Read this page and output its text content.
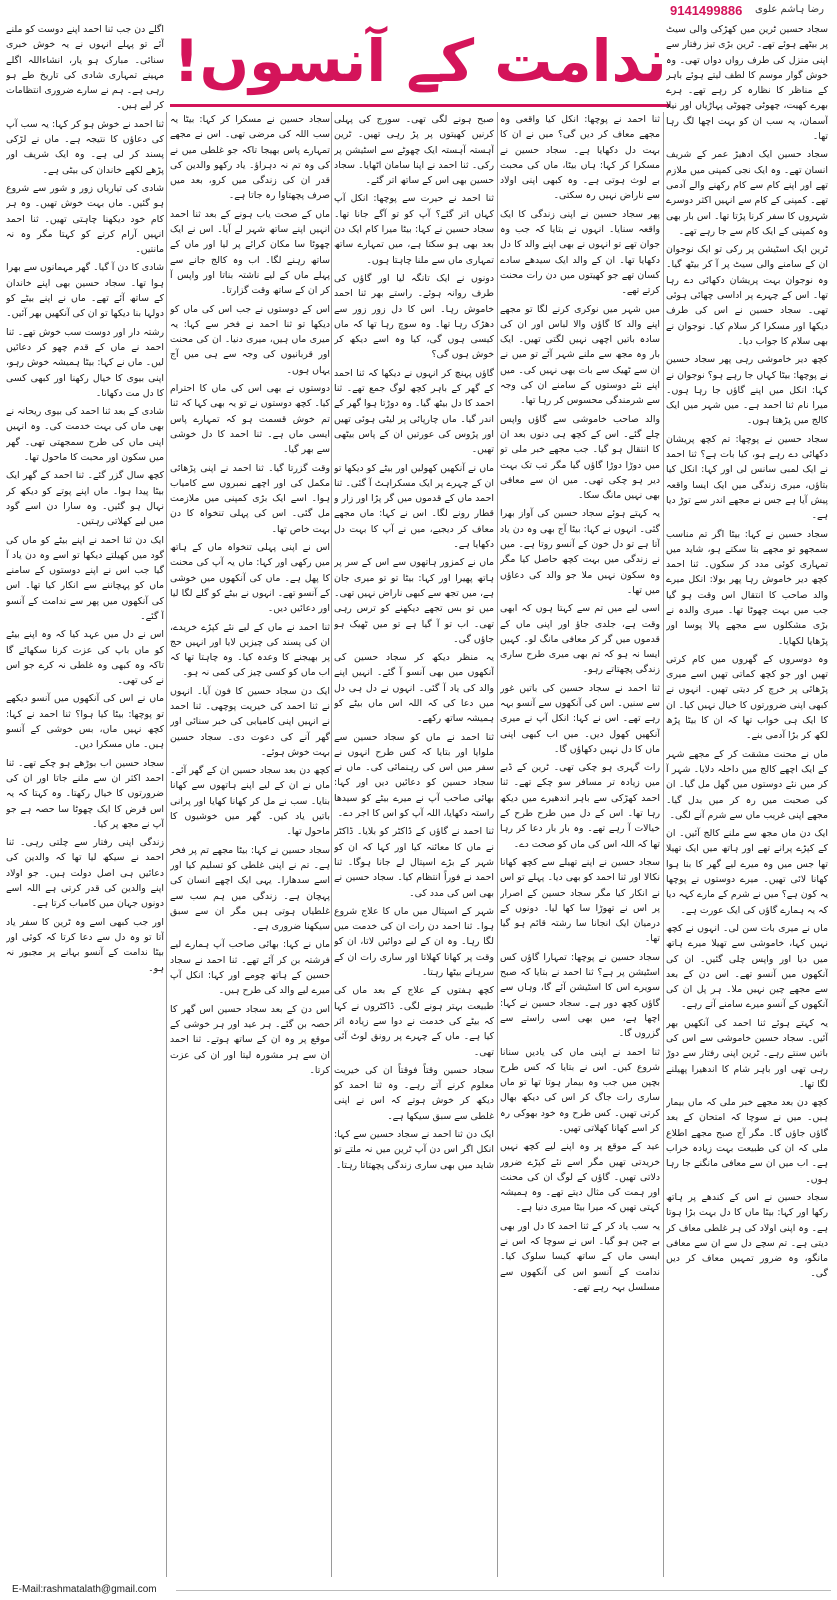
9141499886 رضا ہاشم علوی
ندامت کے آنسوں! سجاد حسین ٹرین میں کھڑکی والی سیٹ پر بیٹھے ہوئے تھے۔ ٹرین بڑی تیز رفتار سے اپنی منزل کی طرف رواں دواں تھی۔ وہ خوش گوار موسم کا لطف لیتے ہوئے باہر کے مناظر کا نظارہ کر رہے تھے۔ ہرے بھرے کھیت، چھوٹی چھوٹی پہاڑیاں اور نیلا آسمان، یہ سب ان کو بہت اچھا لگ رہا تھا۔

سجاد حسین ایک ادھیڑ عمر کے شریف انسان تھے۔ وہ ایک نجی کمپنی میں ملازم تھے اور اپنے کام سے کام رکھنے والے آدمی تھے۔ کمپنی کے کام سے انہیں اکثر دوسرے شہروں کا سفر کرنا پڑتا تھا۔ اس بار بھی وہ کمپنی کے ایک کام سے جا رہے تھے۔

ٹرین ایک اسٹیشن پر رکی تو ایک نوجوان ان کے سامنے والی سیٹ پر آ کر بیٹھ گیا۔ وہ نوجوان بہت پریشان دکھائی دے رہا تھا۔ اس کے چہرے پر اداسی چھائی ہوئی تھی۔ سجاد حسین نے اس کی طرف دیکھا اور مسکرا کر سلام کیا۔ نوجوان نے بھی سلام کا جواب دیا۔

کچھ دیر خاموشی رہی پھر سجاد حسین نے پوچھا: بیٹا کہاں جا رہے ہو؟ نوجوان نے کہا: انکل میں اپنے گاؤں جا رہا ہوں۔ میرا نام ثنا احمد ہے۔ میں شہر میں ایک کالج میں پڑھتا ہوں۔

سجاد حسین نے پوچھا: تم کچھ پریشان دکھائی دے رہے ہو، کیا بات ہے؟ ثنا احمد نے ایک لمبی سانس لی اور کہا: انکل کیا بتاؤں، میری زندگی میں ایک ایسا واقعہ پیش آیا ہے جس نے مجھے اندر سے توڑ دیا ہے۔

سجاد حسین نے کہا: بیٹا اگر تم مناسب سمجھو تو مجھے بتا سکتے ہو، شاید میں تمہاری کوئی مدد کر سکوں۔ ثنا احمد کچھ دیر خاموش رہا پھر بولا: انکل میرے والد صاحب کا انتقال اس وقت ہو گیا جب میں بہت چھوٹا تھا۔ میری والدہ نے بڑی مشکلوں سے مجھے پالا پوسا اور پڑھایا لکھایا۔

وہ دوسروں کے گھروں میں کام کرتی تھیں اور جو کچھ کماتی تھیں اسے میری پڑھائی پر خرچ کر دیتی تھیں۔ انہوں نے کبھی اپنی ضرورتوں کا خیال نہیں کیا۔ ان کا ایک ہی خواب تھا کہ ان کا بیٹا پڑھ لکھ کر بڑا آدمی بنے۔

ماں نے محنت مشقت کر کے مجھے شہر کے ایک اچھے کالج میں داخلہ دلایا۔ شہر آ کر میں نئے دوستوں میں گھل مل گیا۔ ان کی صحبت میں رہ کر میں بدل گیا۔ مجھے اپنی غریب ماں سے شرم آنے لگی۔

ایک دن ماں مجھ سے ملنے کالج آئیں۔ ان کے کپڑے پرانے تھے اور ہاتھ میں ایک تھیلا تھا جس میں وہ میرے لیے گھر کا بنا ہوا کھانا لائی تھیں۔ میرے دوستوں نے پوچھا یہ کون ہے؟ میں نے شرم کے مارے کہہ دیا کہ یہ ہمارے گاؤں کی ایک عورت ہے۔

ماں نے میری بات سن لی۔ انہوں نے کچھ نہیں کہا، خاموشی سے تھیلا میرے ہاتھ میں دیا اور واپس چلی گئیں۔ ان کی آنکھوں میں آنسو تھے۔ اس دن کے بعد سے مجھے چین نہیں ملا۔ ہر پل ان کی آنکھوں کے آنسو میرے سامنے آتے رہے۔

یہ کہتے ہوئے ثنا احمد کی آنکھیں بھر آئیں۔ سجاد حسین خاموشی سے اس کی باتیں سنتے رہے۔ ٹرین اپنی رفتار سے دوڑ رہی تھی اور باہر شام کا اندھیرا پھیلنے لگا تھا۔

کچھ دن بعد مجھے خبر ملی کہ ماں بیمار ہیں۔ میں نے سوچا کہ امتحان کے بعد گاؤں جاؤں گا۔ مگر آج صبح مجھے اطلاع ملی کہ ان کی طبیعت بہت زیادہ خراب ہے۔ اب میں ان سے معافی مانگنے جا رہا ہوں۔

سجاد حسین نے اس کے کندھے پر ہاتھ رکھا اور کہا: بیٹا ماں کا دل بہت بڑا ہوتا ہے۔ وہ اپنی اولاد کی ہر غلطی معاف کر دیتی ہے۔ تم سچے دل سے ان سے معافی مانگو، وہ ضرور تمہیں معاف کر دیں گی۔

ثنا احمد نے پوچھا: انکل کیا واقعی وہ مجھے معاف کر دیں گی؟ میں نے ان کا بہت دل دکھایا ہے۔ سجاد حسین نے مسکرا کر کہا: ہاں بیٹا، ماں کی محبت بے لوث ہوتی ہے۔ وہ کبھی اپنی اولاد سے ناراض نہیں رہ سکتی۔

پھر سجاد حسین نے اپنی زندگی کا ایک واقعہ سنایا۔ انہوں نے بتایا کہ جب وہ جوان تھے تو انہوں نے بھی اپنے والد کا دل دکھایا تھا۔ ان کے والد ایک سیدھے سادے کسان تھے جو کھیتوں میں دن رات محنت کرتے تھے۔

میں شہر میں نوکری کرنے لگا تو مجھے اپنے والد کا گاؤں والا لباس اور ان کی سادہ باتیں اچھی نہیں لگتی تھیں۔ ایک بار وہ مجھ سے ملنے شہر آئے تو میں نے ان سے ٹھیک سے بات بھی نہیں کی۔ میں اپنے نئے دوستوں کے سامنے ان کی وجہ سے شرمندگی محسوس کر رہا تھا۔

والد صاحب خاموشی سے گاؤں واپس چلے گئے۔ اس کے کچھ ہی دنوں بعد ان کا انتقال ہو گیا۔ جب مجھے خبر ملی تو میں دوڑا دوڑا گاؤں گیا مگر تب تک بہت دیر ہو چکی تھی۔ میں ان سے معافی بھی نہیں مانگ سکا۔

یہ کہتے ہوئے سجاد حسین کی آواز بھرا گئی۔ انہوں نے کہا: بیٹا آج بھی وہ دن یاد آتا ہے تو دل خون کے آنسو روتا ہے۔ میں نے زندگی میں بہت کچھ حاصل کیا مگر وہ سکون نہیں ملا جو والد کی دعاؤں میں تھا۔

اسی لیے میں تم سے کہتا ہوں کہ ابھی وقت ہے، جلدی جاؤ اور اپنی ماں کے قدموں میں گر کر معافی مانگ لو۔ کہیں ایسا نہ ہو کہ تم بھی میری طرح ساری زندگی پچھتاتے رہو۔

ثنا احمد نے سجاد حسین کی باتیں غور سے سنیں۔ اس کی آنکھوں سے آنسو بہہ رہے تھے۔ اس نے کہا: انکل آپ نے میری آنکھیں کھول دیں۔ میں اب کبھی اپنی ماں کا دل نہیں دکھاؤں گا۔

رات گہری ہو چکی تھی۔ ٹرین کے ڈبے میں زیادہ تر مسافر سو چکے تھے۔ ثنا احمد کھڑکی سے باہر اندھیرے میں دیکھ رہا تھا۔ اس کے دل میں طرح طرح کے خیالات آ رہے تھے۔ وہ بار بار دعا کر رہا تھا کہ اللہ اس کی ماں کو صحت دے۔

سجاد حسین نے اپنے تھیلے سے کچھ کھانا نکالا اور ثنا احمد کو بھی دیا۔ پہلے تو اس نے انکار کیا مگر سجاد حسین کے اصرار پر اس نے تھوڑا سا کھا لیا۔ دونوں کے درمیان ایک انجانا سا رشتہ قائم ہو گیا تھا۔

سجاد حسین نے پوچھا: تمہارا گاؤں کس اسٹیشن پر ہے؟ ثنا احمد نے بتایا کہ صبح سویرے اس کا اسٹیشن آئے گا، وہاں سے گاؤں کچھ دور ہے۔ سجاد حسین نے کہا: اچھا ہے، میں بھی اسی راستے سے گزروں گا۔

ثنا احمد نے اپنی ماں کی یادیں سنانا شروع کیں۔ اس نے بتایا کہ کس طرح بچپن میں جب وہ بیمار ہوتا تھا تو ماں ساری رات جاگ کر اس کی دیکھ بھال کرتی تھیں۔ کس طرح وہ خود بھوکی رہ کر اسے کھانا کھلاتی تھیں۔

عید کے موقع پر وہ اپنے لیے کچھ نہیں خریدتی تھیں مگر اسے نئے کپڑے ضرور دلاتی تھیں۔ گاؤں کے لوگ ان کی محنت اور ہمت کی مثال دیتے تھے۔ وہ ہمیشہ کہتی تھیں کہ میرا بیٹا میری دنیا ہے۔

یہ سب یاد کر کے ثنا احمد کا دل اور بھی بے چین ہو گیا۔ اس نے سوچا کہ اس نے ایسی ماں کے ساتھ کیسا سلوک کیا۔ ندامت کے آنسو اس کی آنکھوں سے مسلسل بہہ رہے تھے۔

صبح ہونے لگی تھی۔ سورج کی پہلی کرنیں کھیتوں پر پڑ رہی تھیں۔ ٹرین آہستہ آہستہ ایک چھوٹے سے اسٹیشن پر رکی۔ ثنا احمد نے اپنا سامان اٹھایا۔ سجاد حسین بھی اس کے ساتھ اتر گئے۔

ثنا احمد نے حیرت سے پوچھا: انکل آپ کہاں اتر گئے؟ آپ کو تو آگے جانا تھا۔ سجاد حسین نے کہا: بیٹا میرا کام ایک دن بعد بھی ہو سکتا ہے، میں تمہارے ساتھ تمہاری ماں سے ملنا چاہتا ہوں۔

دونوں نے ایک تانگہ لیا اور گاؤں کی طرف روانہ ہوئے۔ راستے بھر ثنا احمد خاموش رہا۔ اس کا دل زور زور سے دھڑک رہا تھا۔ وہ سوچ رہا تھا کہ ماں کیسی ہوں گی، کیا وہ اسے دیکھ کر خوش ہوں گی؟

گاؤں پہنچ کر انہوں نے دیکھا کہ ثنا احمد کے گھر کے باہر کچھ لوگ جمع تھے۔ ثنا احمد کا دل بیٹھ گیا۔ وہ دوڑتا ہوا گھر کے اندر گیا۔ ماں چارپائی پر لیٹی ہوئی تھیں اور پڑوس کی عورتیں ان کے پاس بیٹھی تھیں۔

ماں نے آنکھیں کھولیں اور بیٹے کو دیکھا تو ان کے چہرے پر ایک مسکراہٹ آ گئی۔ ثنا احمد ماں کے قدموں میں گر پڑا اور زار و قطار رونے لگا۔ اس نے کہا: ماں مجھے معاف کر دیجیے، میں نے آپ کا بہت دل دکھایا ہے۔

ماں نے کمزور ہاتھوں سے اس کے سر پر ہاتھ پھیرا اور کہا: بیٹا تو تو میری جان ہے، میں تجھ سے کبھی ناراض نہیں تھی۔ میں تو بس تجھے دیکھنے کو ترس رہی تھی۔ اب تو آ گیا ہے تو میں ٹھیک ہو جاؤں گی۔

یہ منظر دیکھ کر سجاد حسین کی آنکھوں میں بھی آنسو آ گئے۔ انہیں اپنے والد کی یاد آ گئی۔ انہوں نے دل ہی دل میں دعا کی کہ اللہ اس ماں بیٹے کو ہمیشہ ساتھ رکھے۔

ثنا احمد نے ماں کو سجاد حسین سے ملوایا اور بتایا کہ کس طرح انہوں نے سفر میں اس کی رہنمائی کی۔ ماں نے سجاد حسین کو دعائیں دیں اور کہا: بھائی صاحب آپ نے میرے بیٹے کو سیدھا راستہ دکھایا، اللہ آپ کو اس کا اجر دے۔

ثنا احمد نے گاؤں کے ڈاکٹر کو بلایا۔ ڈاکٹر نے ماں کا معائنہ کیا اور کہا کہ ان کو شہر کے بڑے اسپتال لے جانا ہوگا۔ ثنا احمد نے فوراً انتظام کیا۔ سجاد حسین نے بھی اس کی مدد کی۔

شہر کے اسپتال میں ماں کا علاج شروع ہوا۔ ثنا احمد دن رات ان کی خدمت میں لگا رہا۔ وہ ان کے لیے دوائیں لاتا، ان کو وقت پر کھانا کھلاتا اور ساری رات ان کے سرہانے بیٹھا رہتا۔

کچھ ہفتوں کے علاج کے بعد ماں کی طبیعت بہتر ہونے لگی۔ ڈاکٹروں نے کہا کہ بیٹے کی خدمت نے دوا سے زیادہ اثر کیا ہے۔ ماں کے چہرے پر رونق لوٹ آئی تھی۔

سجاد حسین وقتاً فوقتاً ان کی خیریت معلوم کرنے آتے رہے۔ وہ ثنا احمد کو دیکھ کر خوش ہوتے کہ اس نے اپنی غلطی سے سبق سیکھا ہے۔

ایک دن ثنا احمد نے سجاد حسین سے کہا: انکل اگر اس دن آپ ٹرین میں نہ ملتے تو شاید میں بھی ساری زندگی پچھتاتا رہتا۔

سجاد حسین نے مسکرا کر کہا: بیٹا یہ سب اللہ کی مرضی تھی۔ اس نے مجھے تمہارے پاس بھیجا تاکہ جو غلطی میں نے کی وہ تم نہ دہراؤ۔ یاد رکھو والدین کی قدر ان کی زندگی میں کرو، بعد میں صرف پچھتاوا رہ جاتا ہے۔

ماں کے صحت یاب ہونے کے بعد ثنا احمد انہیں اپنے ساتھ شہر لے آیا۔ اس نے ایک چھوٹا سا مکان کرائے پر لیا اور ماں کے ساتھ رہنے لگا۔ اب وہ کالج جانے سے پہلے ماں کے لیے ناشتہ بناتا اور واپس آ کر ان کے ساتھ وقت گزارتا۔

اس کے دوستوں نے جب اس کی ماں کو دیکھا تو ثنا احمد نے فخر سے کہا: یہ میری ماں ہیں، میری دنیا۔ ان کی محنت اور قربانیوں کی وجہ سے ہی میں آج یہاں ہوں۔

دوستوں نے بھی اس کی ماں کا احترام کیا۔ کچھ دوستوں نے تو یہ بھی کہا کہ ثنا تم خوش قسمت ہو کہ تمہارے پاس ایسی ماں ہے۔ ثنا احمد کا دل خوشی سے بھر گیا۔

وقت گزرتا گیا۔ ثنا احمد نے اپنی پڑھائی مکمل کی اور اچھے نمبروں سے کامیاب ہوا۔ اسے ایک بڑی کمپنی میں ملازمت مل گئی۔ اس کی پہلی تنخواہ کا دن بہت خاص تھا۔

اس نے اپنی پہلی تنخواہ ماں کے ہاتھ میں رکھی اور کہا: ماں یہ آپ کی محنت کا پھل ہے۔ ماں کی آنکھوں میں خوشی کے آنسو تھے۔ انہوں نے بیٹے کو گلے لگا لیا اور دعائیں دیں۔

ثنا احمد نے ماں کے لیے نئے کپڑے خریدے، ان کی پسند کی چیزیں لایا اور انہیں حج پر بھیجنے کا وعدہ کیا۔ وہ چاہتا تھا کہ اب ماں کو کسی چیز کی کمی نہ ہو۔

ایک دن سجاد حسین کا فون آیا۔ انہوں نے ثنا احمد کی خیریت پوچھی۔ ثنا احمد نے انہیں اپنی کامیابی کی خبر سنائی اور گھر آنے کی دعوت دی۔ سجاد حسین بہت خوش ہوئے۔

کچھ دن بعد سجاد حسین ان کے گھر آئے۔ ماں نے ان کے لیے اپنے ہاتھوں سے کھانا بنایا۔ سب نے مل کر کھانا کھایا اور پرانی باتیں یاد کیں۔ گھر میں خوشیوں کا ماحول تھا۔

سجاد حسین نے کہا: بیٹا مجھے تم پر فخر ہے۔ تم نے اپنی غلطی کو تسلیم کیا اور اسے سدھارا۔ یہی ایک اچھے انسان کی پہچان ہے۔ زندگی میں ہم سب سے غلطیاں ہوتی ہیں مگر ان سے سبق سیکھنا ضروری ہے۔

ماں نے کہا: بھائی صاحب آپ ہمارے لیے فرشتہ بن کر آئے تھے۔ ثنا احمد نے سجاد حسین کے ہاتھ چومے اور کہا: انکل آپ میرے لیے والد کی طرح ہیں۔

اس دن کے بعد سجاد حسین اس گھر کا حصہ بن گئے۔ ہر عید اور ہر خوشی کے موقع پر وہ ان کے ساتھ ہوتے۔ ثنا احمد ان سے ہر مشورہ لیتا اور ان کی عزت کرتا۔

اگلے دن جب ثنا احمد اپنے دوست کو ملنے آئے تو پہلے انہوں نے یہ خوش خبری سنائی۔ مبارک ہو یار، انشاءاللہ اگلے مہینے تمہاری شادی کی تاریخ طے ہو رہی ہے۔ ہم نے سارے ضروری انتظامات کر لیے ہیں۔

ثنا احمد نے خوش ہو کر کہا: یہ سب آپ کی دعاؤں کا نتیجہ ہے۔ ماں نے لڑکی پسند کر لی ہے۔ وہ ایک شریف اور پڑھے لکھے خاندان کی بیٹی ہے۔

شادی کی تیاریاں زور و شور سے شروع ہو گئیں۔ ماں بہت خوش تھیں۔ وہ ہر کام خود دیکھنا چاہتی تھیں۔ ثنا احمد انہیں آرام کرنے کو کہتا مگر وہ نہ مانتیں۔

شادی کا دن آ گیا۔ گھر مہمانوں سے بھرا ہوا تھا۔ سجاد حسین بھی اپنے خاندان کے ساتھ آئے تھے۔ ماں نے اپنے بیٹے کو دولہا بنا دیکھا تو ان کی آنکھیں بھر آئیں۔

رشتہ دار اور دوست سب خوش تھے۔ ثنا احمد نے ماں کے قدم چھو کر دعائیں لیں۔ ماں نے کہا: بیٹا ہمیشہ خوش رہو، اپنی بیوی کا خیال رکھنا اور کبھی کسی کا دل مت دکھانا۔

شادی کے بعد ثنا احمد کی بیوی ریحانہ نے بھی ماں کی بہت خدمت کی۔ وہ انہیں اپنی ماں کی طرح سمجھتی تھی۔ گھر میں سکون اور محبت کا ماحول تھا۔

کچھ سال گزر گئے۔ ثنا احمد کے گھر ایک بیٹا پیدا ہوا۔ ماں اپنے پوتے کو دیکھ کر نہال ہو گئیں۔ وہ سارا دن اسے گود میں لیے کھلاتی رہتیں۔

ایک دن ثنا احمد نے اپنے بیٹے کو ماں کی گود میں کھیلتے دیکھا تو اسے وہ دن یاد آ گیا جب اس نے اپنے دوستوں کے سامنے ماں کو پہچاننے سے انکار کیا تھا۔ اس کی آنکھوں میں پھر سے ندامت کے آنسو آ گئے۔

اس نے دل میں عہد کیا کہ وہ اپنے بیٹے کو ماں باپ کی عزت کرنا سکھائے گا تاکہ وہ کبھی وہ غلطی نہ کرے جو اس نے کی تھی۔

ماں نے اس کی آنکھوں میں آنسو دیکھے تو پوچھا: بیٹا کیا ہوا؟ ثنا احمد نے کہا: کچھ نہیں ماں، بس خوشی کے آنسو ہیں۔ ماں مسکرا دیں۔

سجاد حسین اب بوڑھے ہو چکے تھے۔ ثنا احمد اکثر ان سے ملنے جاتا اور ان کی ضرورتوں کا خیال رکھتا۔ وہ کہتا کہ یہ اس قرض کا ایک چھوٹا سا حصہ ہے جو آپ نے مجھ پر کیا۔

زندگی اپنی رفتار سے چلتی رہی۔ ثنا احمد نے سیکھ لیا تھا کہ والدین کی دعائیں ہی اصل دولت ہیں۔ جو اولاد اپنے والدین کی قدر کرتی ہے اللہ اسے دونوں جہان میں کامیاب کرتا ہے۔

اور جب کبھی اسے وہ ٹرین کا سفر یاد آتا تو وہ دل سے دعا کرتا کہ کوئی اور بیٹا ندامت کے آنسو بہانے پر مجبور نہ ہو۔

E-Mail:rashmatalath@gmail.com
